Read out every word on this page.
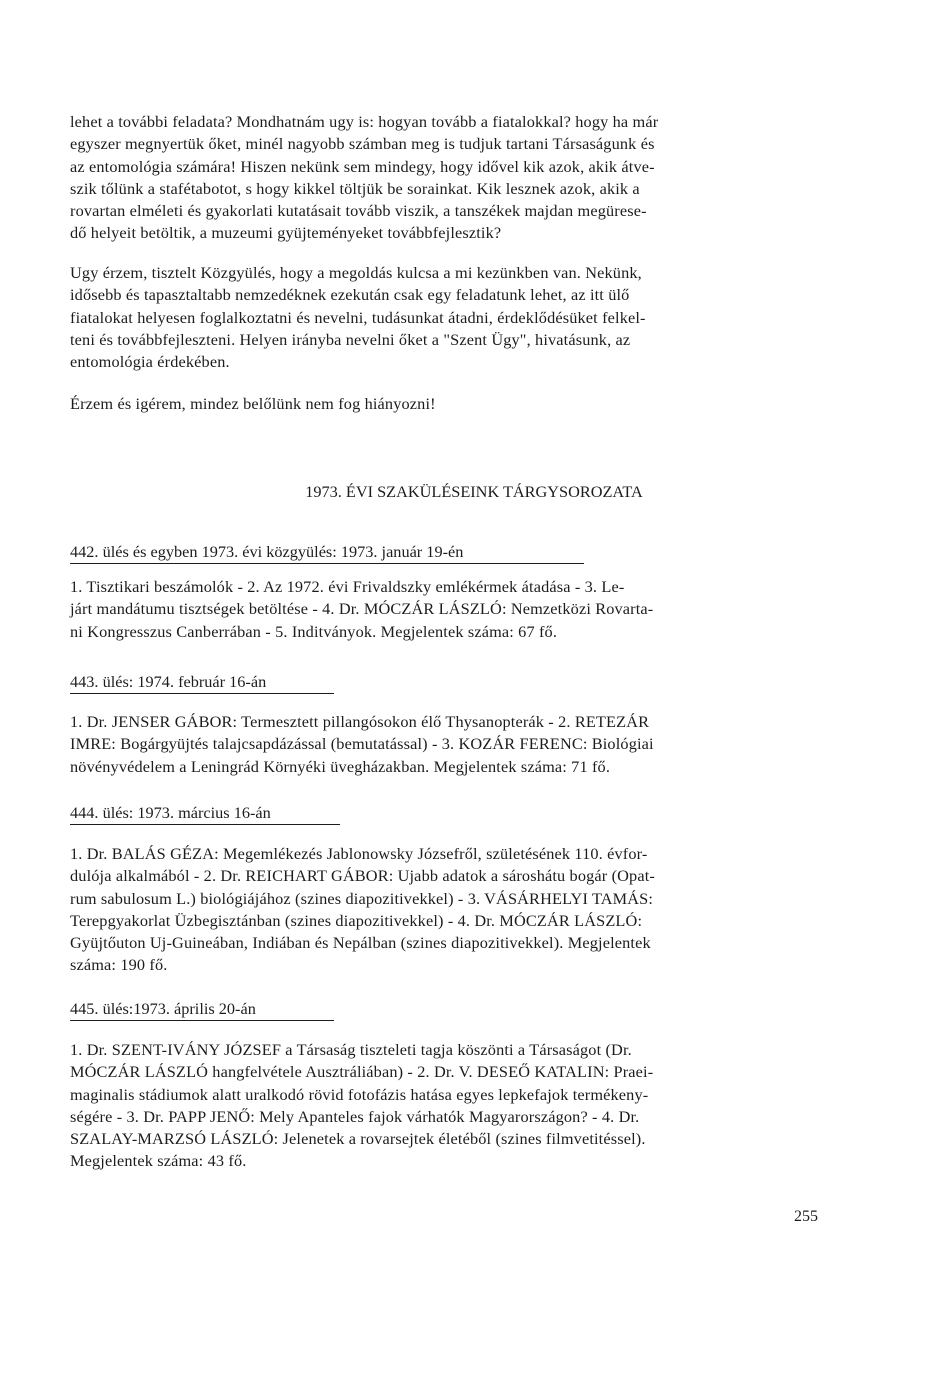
lehet a további feladata? Mondhatnám ugy is: hogyan tovább a fiatalokkal? hogy ha már
egyszer megnyertük őket, minél nagyobb számban meg is tudjuk tartani Társaságunk és
az entomológia számára! Hiszen nekünk sem mindegy, hogy idővel kik azok, akik átve-
szik tőlünk a stafétabotot, s hogy kikkel töltjük be sorainkat. Kik lesznek azok, akik a
rovartan elméleti és gyakorlati kutatásait tovább viszik, a tanszékek majdan megürese-
dő helyeit betöltik, a muzeumi gyüjteményeket továbbfejlesztik?
Ugy érzem, tisztelt Közgyülés, hogy a megoldás kulcsa a mi kezünkben van. Nekünk,
idősebb és tapasztaltabb nemzedéknek ezekután csak egy feladatunk lehet, az itt ülő
fiatalokat helyesen foglalkoztatni és nevelni, tudásunkat átadni, érdeklődésüket felkel-
teni és továbbfejleszteni. Helyen irányba nevelni őket a "Szent Ügy", hivatásunk, az
entomológia érdekében.
Érzem és igérem, mindez belőlünk nem fog hiányozni!

1973. ÉVI SZAKÜLÉSEINK TÁRGYSOROZATA

442. ülés és egyben 1973. évi közgyülés: 1973. január 19-én

1. Tisztikari beszámolók - 2. Az 1972. évi Frivaldszky emlékérmek átadása - 3. Le-
járt mandátumu tisztségek betöltése - 4. Dr. MÓCZÁR LÁSZLÓ: Nemzetközi Rovarta-
ni Kongresszus Canberrában - 5. Inditványok. Megjelentek száma: 67 fő.

443. ülés: 1974. február 16-án

1. Dr. JENSER GÁBOR: Termesztett pillangósokon élő Thysanopterák - 2. RETEZÁR
IMRE: Bogárgyüjtés talajcsapdázással (bemutatással) - 3. KOZÁR FERENC: Biológiai
növényvédelem a Leningrád Környéki üvegházakban. Megjelentek száma: 71 fő.

444. ülés: 1973. március 16-án

1. Dr. BALÁS GÉZA: Megemlékezés Jablonowsky Józsefről, születésének 110. évfor-
dulója alkalmából - 2. Dr. REICHART GÁBOR: Ujabb adatok a sároshátu bogár (Opat-
rum sabulosum L.) biológiájához (szines diapozitivekkel) - 3. VÁSÁRHELYI TAMÁS:
Terepgyakorlat Üzbegisztánban (szines diapozitivekkel) - 4. Dr. MÓCZÁR LÁSZLÓ:
Gyüjtőuton Uj-Guineában, Indiában és Nepálban (szines diapozitivekkel). Megjelentek
száma: 190 fő.

445. ülés:1973. április 20-án

1. Dr. SZENT-IVÁNY JÓZSEF a Társaság tiszteleti tagja köszönti a Társaságot (Dr.
MÓCZÁR LÁSZLÓ hangfelvétele Ausztráliában) - 2. Dr. V. DESEŐ KATALIN: Praei-
maginalis stádiumok alatt uralkodó rövid fotofázis hatása egyes lepkefajok termékeny-
ségére - 3. Dr. PAPP JENŐ: Mely Apanteles fajok várhatók Magyarországon? - 4. Dr.
SZALAY-MARZSÓ LÁSZLÓ: Jelenetek a rovarsejtek életéből (szines filmvetitéssel).
Megjelentek száma: 43 fő.

255
